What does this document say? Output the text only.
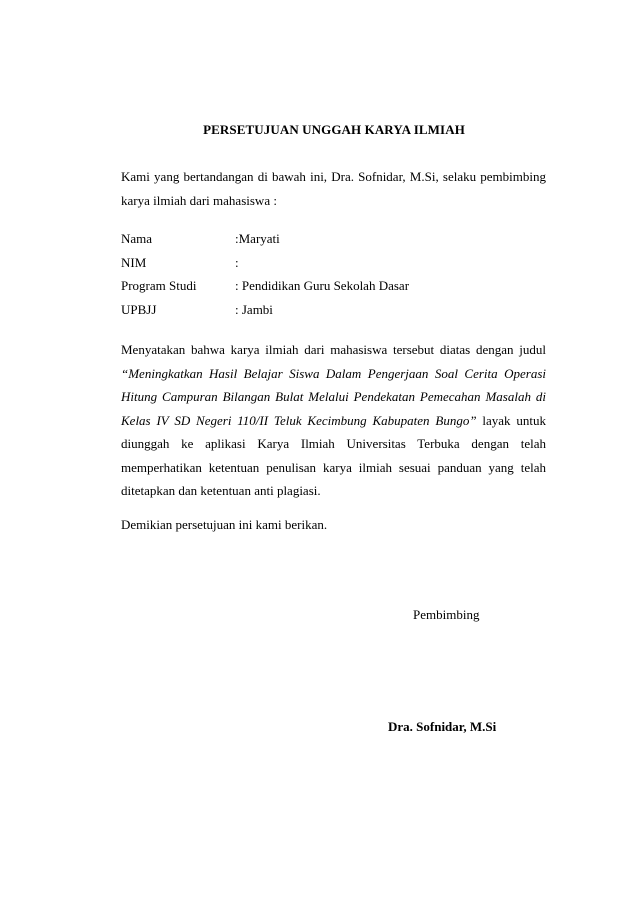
PERSETUJUAN UNGGAH KARYA ILMIAH
Kami yang bertandangan di bawah ini, Dra. Sofnidar, M.Si, selaku pembimbing karya ilmiah dari mahasiswa :
Nama	:Maryati
NIM	:
Program Studi	: Pendidikan Guru Sekolah Dasar
UPBJJ	: Jambi
Menyatakan bahwa karya ilmiah dari mahasiswa tersebut diatas dengan judul “Meningkatkan Hasil Belajar Siswa Dalam Pengerjaan Soal Cerita Operasi Hitung Campuran Bilangan Bulat Melalui Pendekatan Pemecahan Masalah di Kelas IV SD Negeri 110/II Teluk Kecimbung Kabupaten Bungo” layak untuk diunggah ke aplikasi Karya Ilmiah Universitas Terbuka dengan telah memperhatikan ketentuan penulisan karya ilmiah sesuai panduan yang telah ditetapkan dan ketentuan anti plagiasi.
Demikian persetujuan ini kami berikan.
Pembimbing
Dra. Sofnidar, M.Si
